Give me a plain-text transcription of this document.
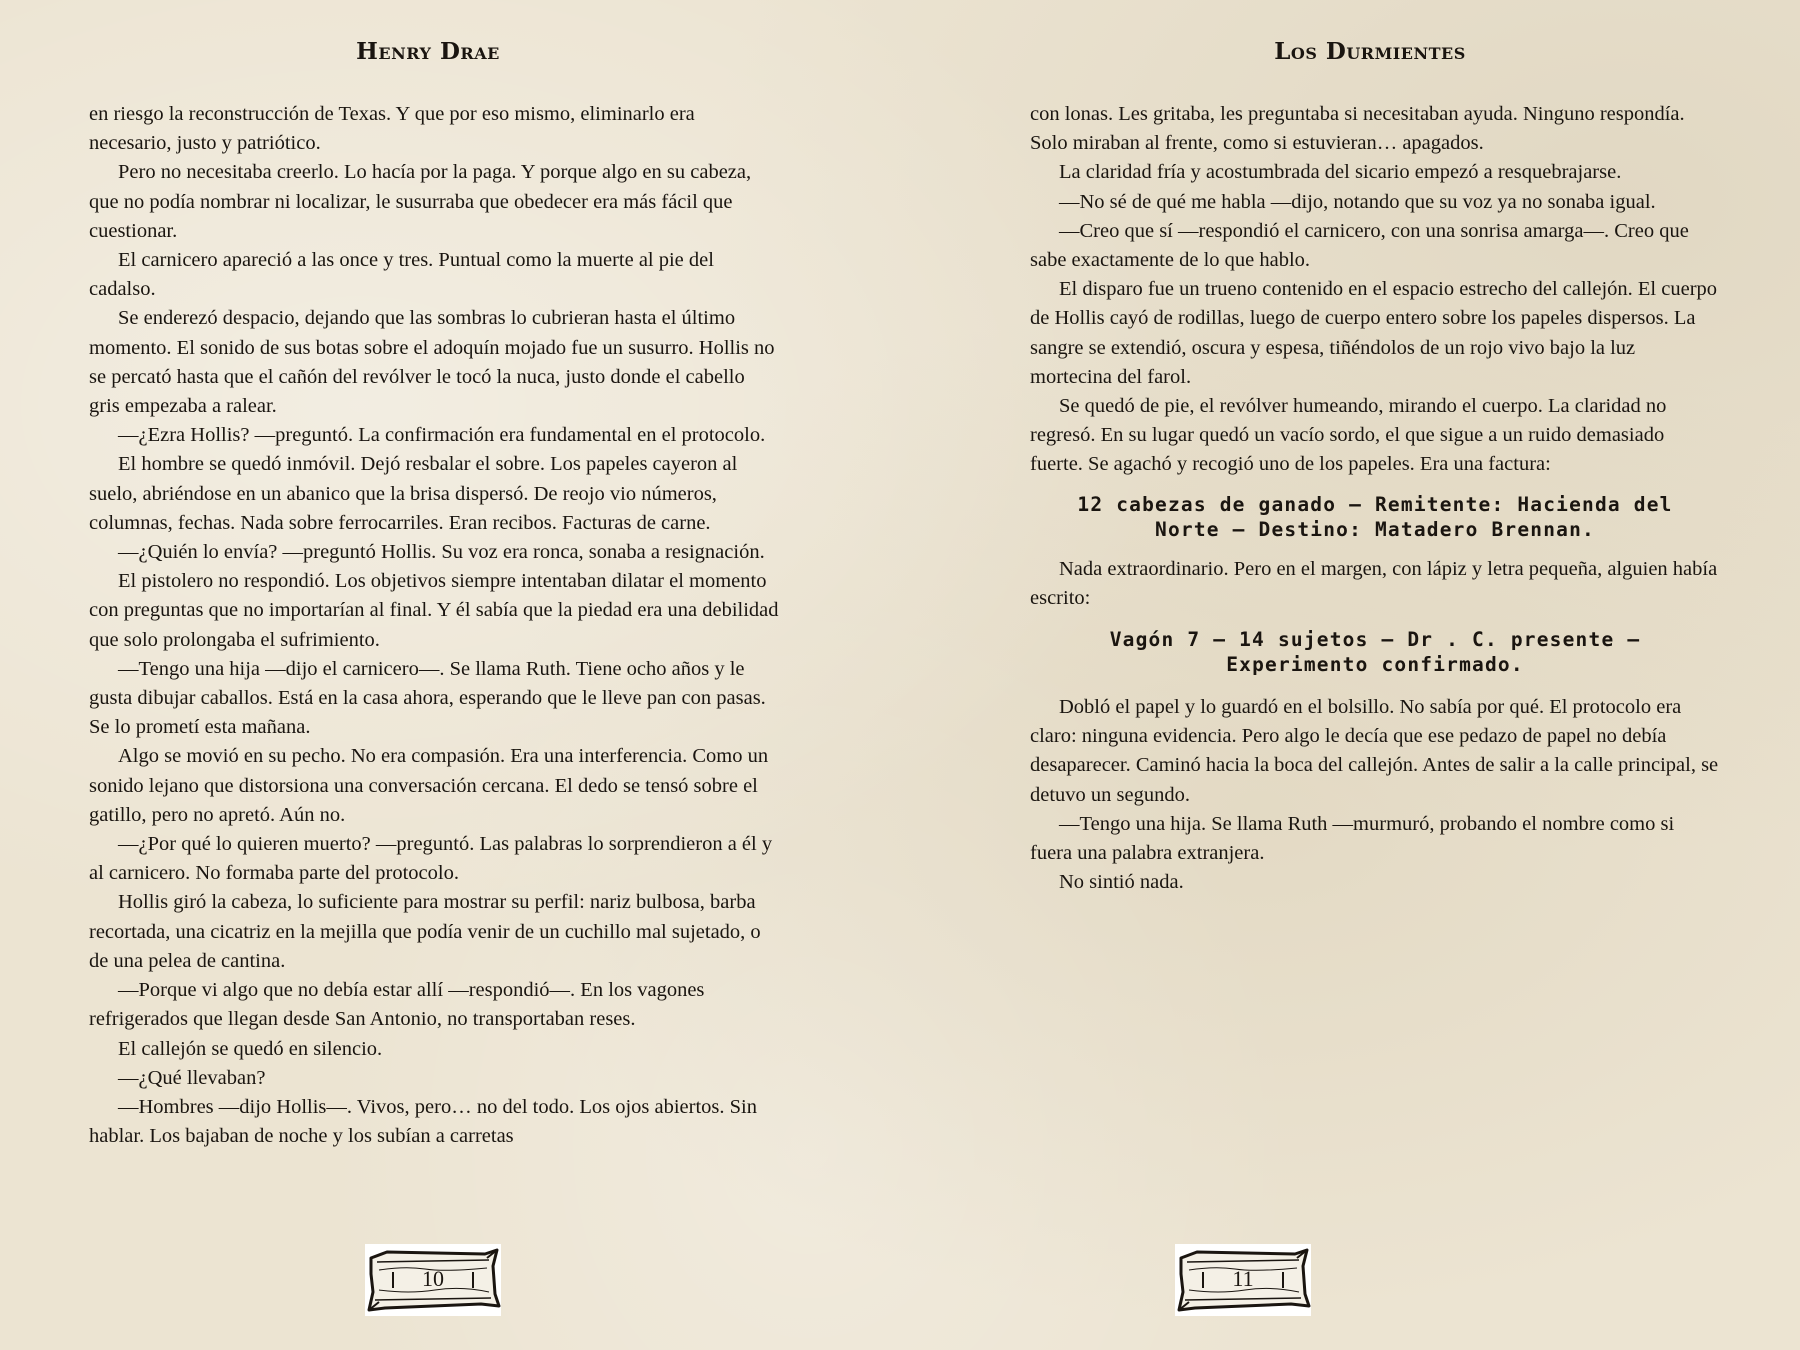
Henry Drae

en riesgo la reconstrucción de Texas. Y que por eso mismo, eliminarlo era necesario, justo y patriótico.

Pero no necesitaba creerlo. Lo hacía por la paga. Y porque algo en su cabeza, que no podía nombrar ni localizar, le susurraba que obedecer era más fácil que cuestionar.

El carnicero apareció a las once y tres. Puntual como la muerte al pie del cadalso.

Se enderezó despacio, dejando que las sombras lo cubrieran hasta el último momento. El sonido de sus botas sobre el adoquín mojado fue un susurro. Hollis no se percató hasta que el cañón del revólver le tocó la nuca, justo donde el cabello gris empezaba a ralear.

—¿Ezra Hollis? —preguntó. La confirmación era fundamental en el protocolo.

El hombre se quedó inmóvil. Dejó resbalar el sobre. Los papeles cayeron al suelo, abriéndose en un abanico que la brisa dispersó. De reojo vio números, columnas, fechas. Nada sobre ferrocarriles. Eran recibos. Facturas de carne.

—¿Quién lo envía? —preguntó Hollis. Su voz era ronca, sonaba a resignación.

El pistolero no respondió. Los objetivos siempre intentaban dilatar el momento con preguntas que no importarían al final. Y él sabía que la piedad era una debilidad que solo prolongaba el sufrimiento.

—Tengo una hija —dijo el carnicero—. Se llama Ruth. Tiene ocho años y le gusta dibujar caballos. Está en la casa ahora, esperando que le lleve pan con pasas. Se lo prometí esta mañana.

Algo se movió en su pecho. No era compasión. Era una interferencia. Como un sonido lejano que distorsiona una conversación cercana. El dedo se tensó sobre el gatillo, pero no apretó. Aún no.

—¿Por qué lo quieren muerto? —preguntó. Las palabras lo sorprendieron a él y al carnicero. No formaba parte del protocolo.

Hollis giró la cabeza, lo suficiente para mostrar su perfil: nariz bulbosa, barba recortada, una cicatriz en la mejilla que podía venir de un cuchillo mal sujetado, o de una pelea de cantina.

—Porque vi algo que no debía estar allí —respondió—. En los vagones refrigerados que llegan desde San Antonio, no transportaban reses.

El callejón se quedó en silencio.

—¿Qué llevaban?

—Hombres —dijo Hollis—. Vivos, pero… no del todo. Los ojos abiertos. Sin hablar. Los bajaban de noche y los subían a carretas

10
Los Durmientes

con lonas. Les gritaba, les preguntaba si necesitaban ayuda. Ninguno respondía. Solo miraban al frente, como si estuvieran… apagados.

La claridad fría y acostumbrada del sicario empezó a resquebrajarse.

—No sé de qué me habla —dijo, notando que su voz ya no sonaba igual.

—Creo que sí —respondió el carnicero, con una sonrisa amarga—. Creo que sabe exactamente de lo que hablo.

El disparo fue un trueno contenido en el espacio estrecho del callejón. El cuerpo de Hollis cayó de rodillas, luego de cuerpo entero sobre los papeles dispersos. La sangre se extendió, oscura y espesa, tiñéndolos de un rojo vivo bajo la luz mortecina del farol.

Se quedó de pie, el revólver humeando, mirando el cuerpo. La claridad no regresó. En su lugar quedó un vacío sordo, el que sigue a un ruido demasiado fuerte. Se agachó y recogió uno de los papeles. Era una factura:

12 cabezas de ganado – Remitente: Hacienda del
Norte – Destino: Matadero Brennan.

Nada extraordinario. Pero en el margen, con lápiz y letra pequeña, alguien había escrito:

Vagón 7 – 14 sujetos – Dr . C. presente –
Experimento confirmado.

Dobló el papel y lo guardó en el bolsillo. No sabía por qué. El protocolo era claro: ninguna evidencia. Pero algo le decía que ese pedazo de papel no debía desaparecer. Caminó hacia la boca del callejón. Antes de salir a la calle principal, se detuvo un segundo.

—Tengo una hija. Se llama Ruth —murmuró, probando el nombre como si fuera una palabra extranjera.

No sintió nada.

11
